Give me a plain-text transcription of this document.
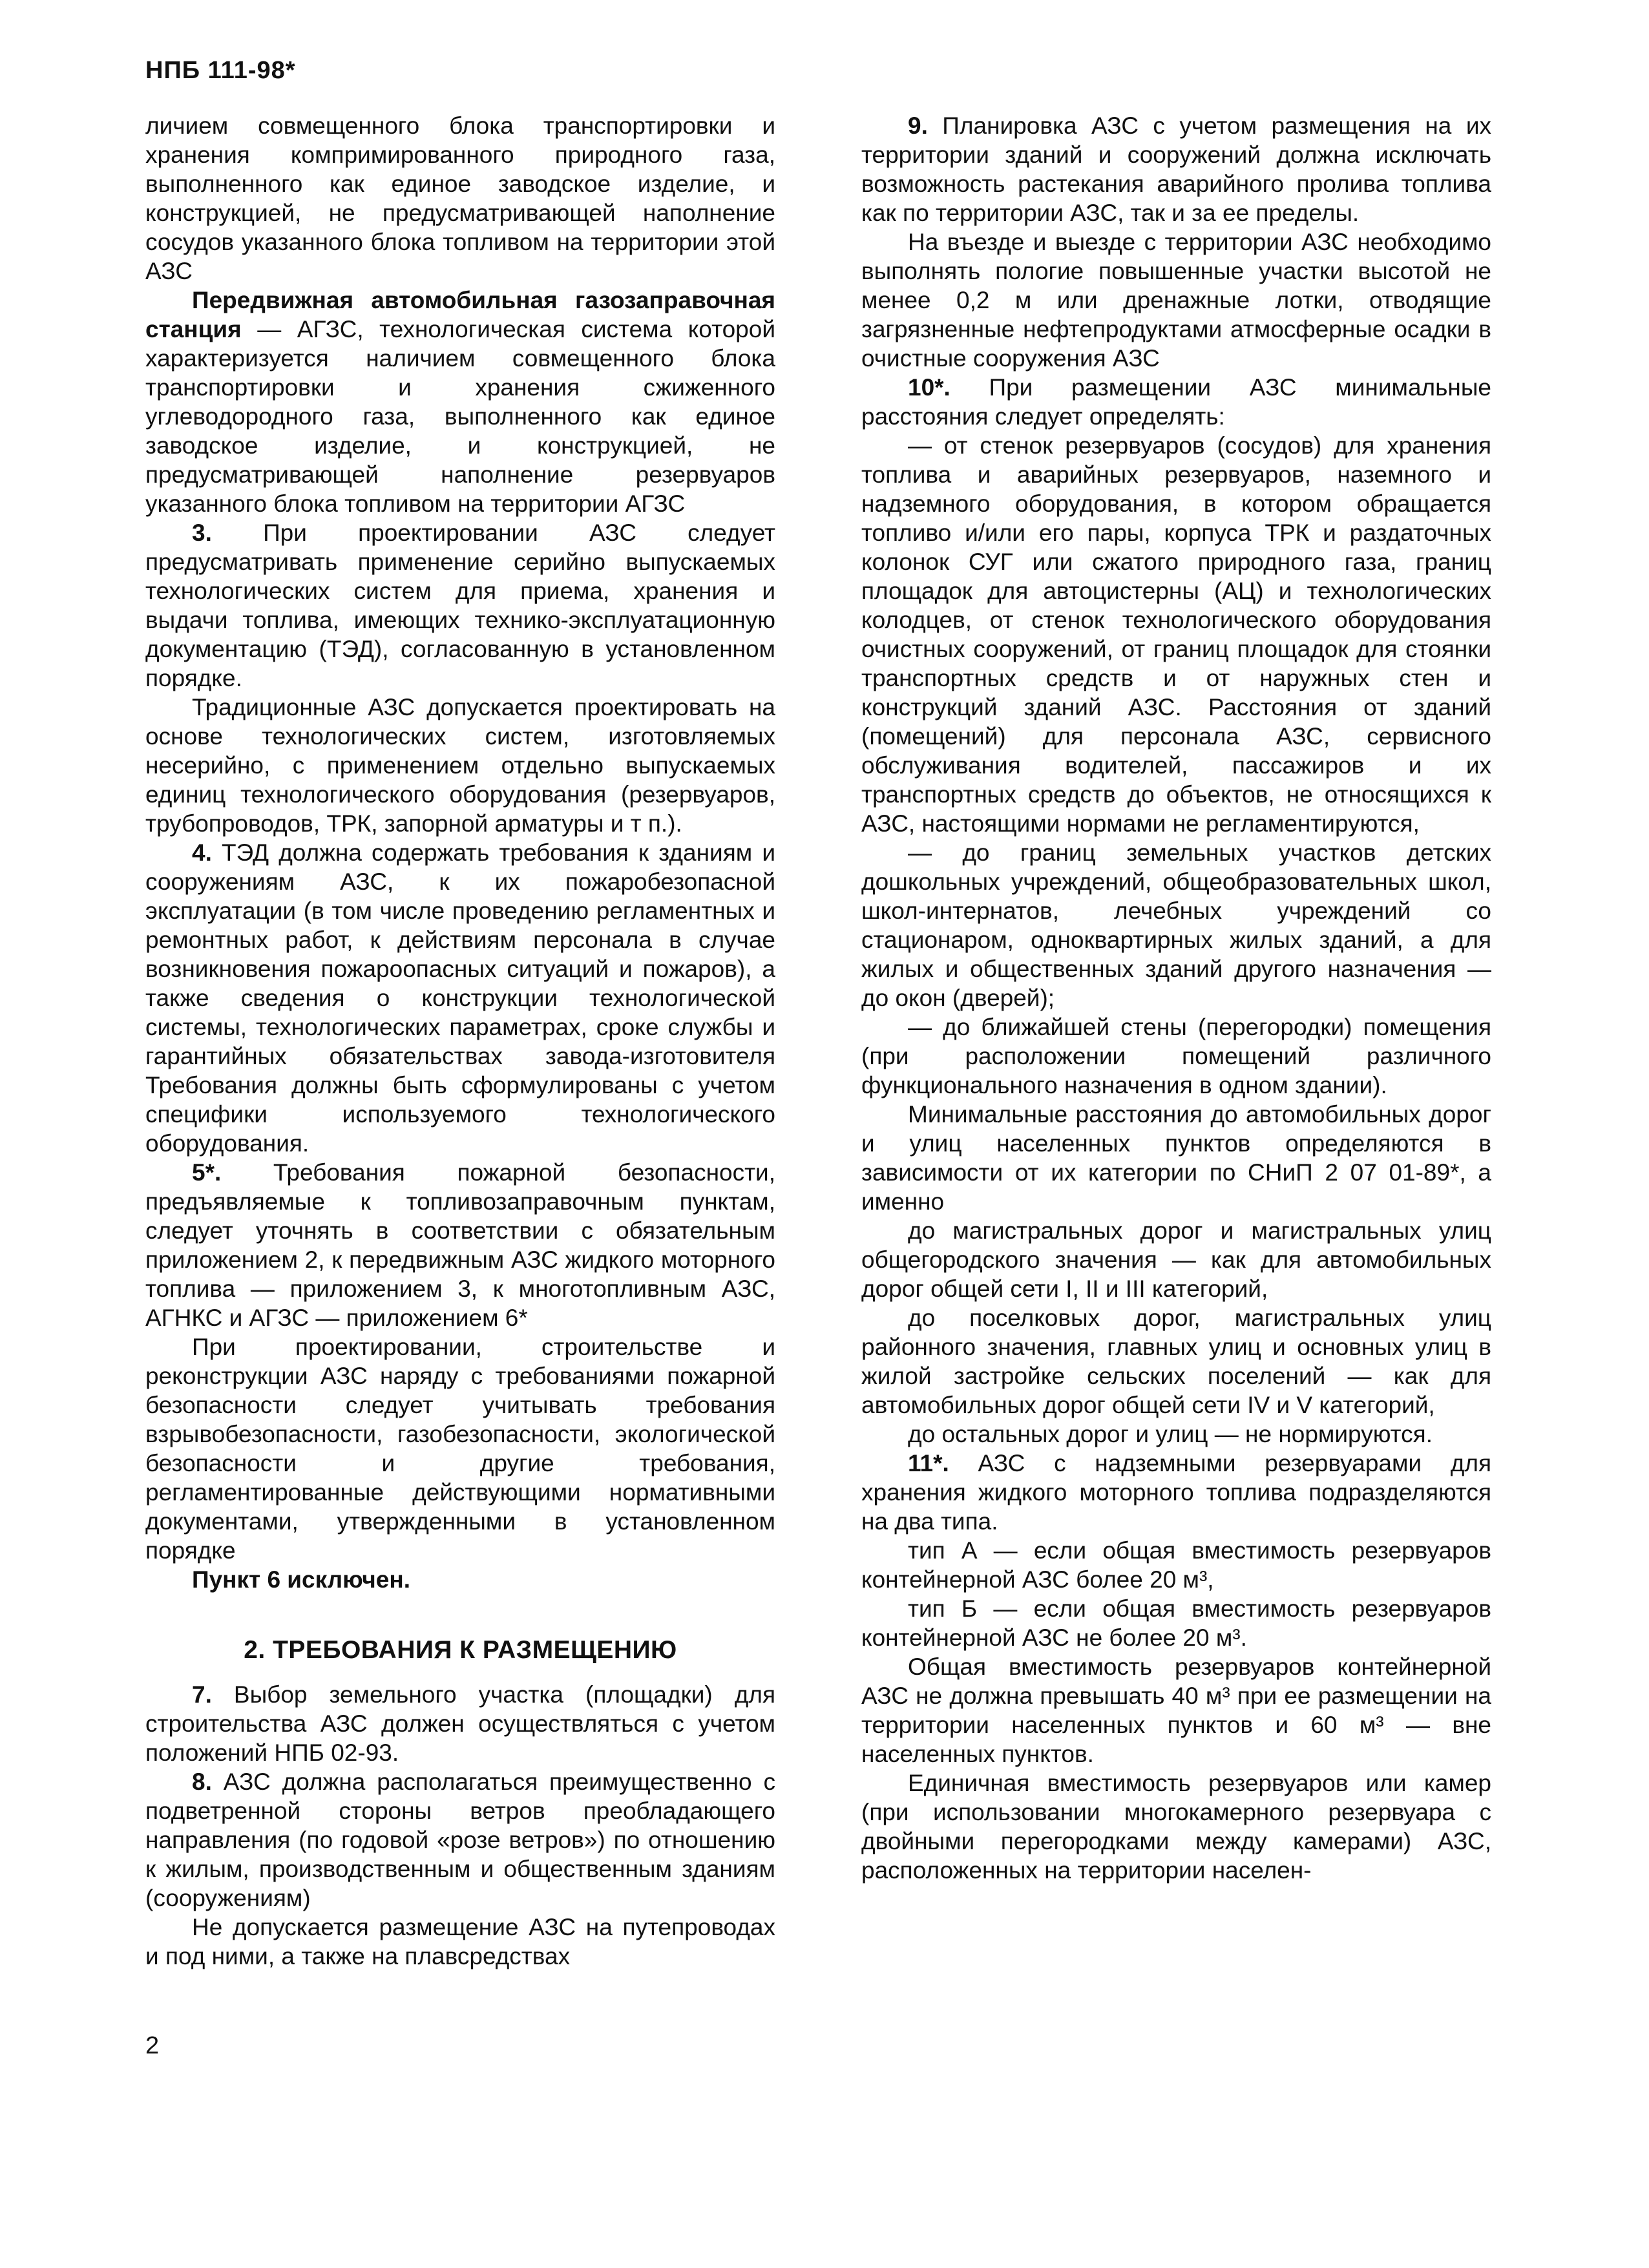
НПБ 111-98*

личием совмещенного блока транспортировки и хранения компримированного природного газа, выполненного как единое заводское изделие, и конструкцией, не предусматривающей наполнение сосудов указанного блока топливом на территории этой АЗС

Передвижная автомобильная газозаправочная станция — АГЗС, технологическая система которой характеризуется наличием совмещенного блока транспортировки и хранения сжиженного углеводородного газа, выполненного как единое заводское изделие, и конструкцией, не предусматривающей наполнение резервуаров указанного блока топливом на территории АГЗС

3. При проектировании АЗС следует предусматривать применение серийно выпускаемых технологических систем для приема, хранения и выдачи топлива, имеющих технико-эксплуатационную документацию (ТЭД), согласованную в установленном порядке.

Традиционные АЗС допускается проектировать на основе технологических систем, изготовляемых несерийно, с применением отдельно выпускаемых единиц технологического оборудования (резервуаров, трубопроводов, ТРК, запорной арматуры и т п.).

4. ТЭД должна содержать требования к зданиям и сооружениям АЗС, к их пожаробезопасной эксплуатации (в том числе проведению регламентных и ремонтных работ, к действиям персонала в случае возникновения пожароопасных ситуаций и пожаров), а также сведения о конструкции технологической системы, технологических параметрах, сроке службы и гарантийных обязательствах завода-изготовителя Требования должны быть сформулированы с учетом специфики используемого технологического оборудования.

5*. Требования пожарной безопасности, предъявляемые к топливозаправочным пунктам, следует уточнять в соответствии с обязательным приложением 2, к передвижным АЗС жидкого моторного топлива — приложением 3, к многотопливным АЗС, АГНКС и АГЗС — приложением 6*

При проектировании, строительстве и реконструкции АЗС наряду с требованиями пожарной безопасности следует учитывать требования взрывобезопасности, газобезопасности, экологической безопасности и другие требования, регламентированные действующими нормативными документами, утвержденными в установленном порядке

Пункт 6 исключен.

2. ТРЕБОВАНИЯ К РАЗМЕЩЕНИЮ

7. Выбор земельного участка (площадки) для строительства АЗС должен осуществляться с учетом положений НПБ 02-93.

8. АЗС должна располагаться преимущественно с подветренной стороны ветров преобладающего направления (по годовой «розе ветров») по отношению к жилым, производственным и общественным зданиям (сооружениям)

Не допускается размещение АЗС на путепроводах и под ними, а также на плавсредствах

9. Планировка АЗС с учетом размещения на их территории зданий и сооружений должна исключать возможность растекания аварийного пролива топлива как по территории АЗС, так и за ее пределы.

На въезде и выезде с территории АЗС необходимо выполнять пологие повышенные участки высотой не менее 0,2 м или дренажные лотки, отводящие загрязненные нефтепродуктами атмосферные осадки в очистные сооружения АЗС

10*. При размещении АЗС минимальные расстояния следует определять:

— от стенок резервуаров (сосудов) для хранения топлива и аварийных резервуаров, наземного и надземного оборудования, в котором обращается топливо и/или его пары, корпуса ТРК и раздаточных колонок СУГ или сжатого природного газа, границ площадок для автоцистерны (АЦ) и технологических колодцев, от стенок технологического оборудования очистных сооружений, от границ площадок для стоянки транспортных средств и от наружных стен и конструкций зданий АЗС. Расстояния от зданий (помещений) для персонала АЗС, сервисного обслуживания водителей, пассажиров и их транспортных средств до объектов, не относящихся к АЗС, настоящими нормами не регламентируются,

— до границ земельных участков детских дошкольных учреждений, общеобразовательных школ, школ-интернатов, лечебных учреждений со стационаром, одноквартирных жилых зданий, а для жилых и общественных зданий другого назначения — до окон (дверей);

— до ближайшей стены (перегородки) помещения (при расположении помещений различного функционального назначения в одном здании).

Минимальные расстояния до автомобильных дорог и улиц населенных пунктов определяются в зависимости от их категории по СНиП 2 07 01-89*, а именно

до магистральных дорог и магистральных улиц общегородского значения — как для автомобильных дорог общей сети I, II и III категорий,

до поселковых дорог, магистральных улиц районного значения, главных улиц и основных улиц в жилой застройке сельских поселений — как для автомобильных дорог общей сети IV и V категорий,

до остальных дорог и улиц — не нормируются.

11*. АЗС с надземными резервуарами для хранения жидкого моторного топлива подразделяются на два типа.

тип А — если общая вместимость резервуаров контейнерной АЗС более 20 м³,

тип Б — если общая вместимость резервуаров контейнерной АЗС не более 20 м³.

Общая вместимость резервуаров контейнерной АЗС не должна превышать 40 м³ при ее размещении на территории населенных пунктов и 60 м³ — вне населенных пунктов.

Единичная вместимость резервуаров или камер (при использовании многокамерного резервуара с двойными перегородками между камерами) АЗС, расположенных на территории населен-

2
